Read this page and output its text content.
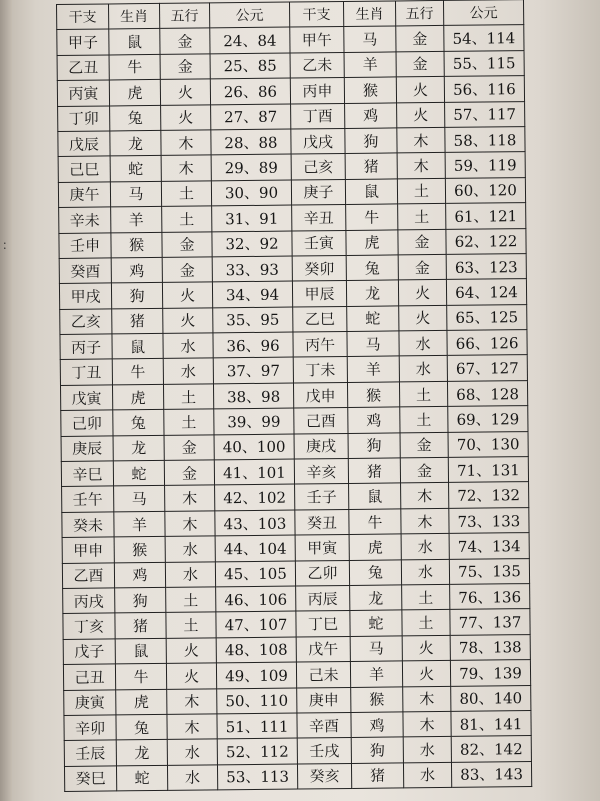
：
干支	生肖	五行	公元	干支	生肖	五行	公元
甲子	鼠	金	24、84	甲午	马	金	54、114
乙丑	牛	金	25、85	乙未	羊	金	55、115
丙寅	虎	火	26、86	丙申	猴	火	56、116
丁卯	兔	火	27、87	丁酉	鸡	火	57、117
戊辰	龙	木	28、88	戊戌	狗	木	58、118
己巳	蛇	木	29、89	己亥	猪	木	59、119
庚午	马	土	30、90	庚子	鼠	土	60、120
辛未	羊	土	31、91	辛丑	牛	土	61、121
壬申	猴	金	32、92	壬寅	虎	金	62、122
癸酉	鸡	金	33、93	癸卯	兔	金	63、123
甲戌	狗	火	34、94	甲辰	龙	火	64、124
乙亥	猪	火	35、95	乙巳	蛇	火	65、125
丙子	鼠	水	36、96	丙午	马	水	66、126
丁丑	牛	水	37、97	丁未	羊	水	67、127
戊寅	虎	土	38、98	戊申	猴	土	68、128
己卯	兔	土	39、99	己酉	鸡	土	69、129
庚辰	龙	金	40、100	庚戌	狗	金	70、130
辛巳	蛇	金	41、101	辛亥	猪	金	71、131
壬午	马	木	42、102	壬子	鼠	木	72、132
癸未	羊	木	43、103	癸丑	牛	木	73、133
甲申	猴	水	44、104	甲寅	虎	水	74、134
乙酉	鸡	水	45、105	乙卯	兔	水	75、135
丙戌	狗	土	46、106	丙辰	龙	土	76、136
丁亥	猪	土	47、107	丁巳	蛇	土	77、137
戊子	鼠	火	48、108	戊午	马	火	78、138
己丑	牛	火	49、109	己未	羊	火	79、139
庚寅	虎	木	50、110	庚申	猴	木	80、140
辛卯	兔	木	51、111	辛酉	鸡	木	81、141
壬辰	龙	水	52、112	壬戌	狗	水	82、142
癸巳	蛇	水	53、113	癸亥	猪	水	83、143
